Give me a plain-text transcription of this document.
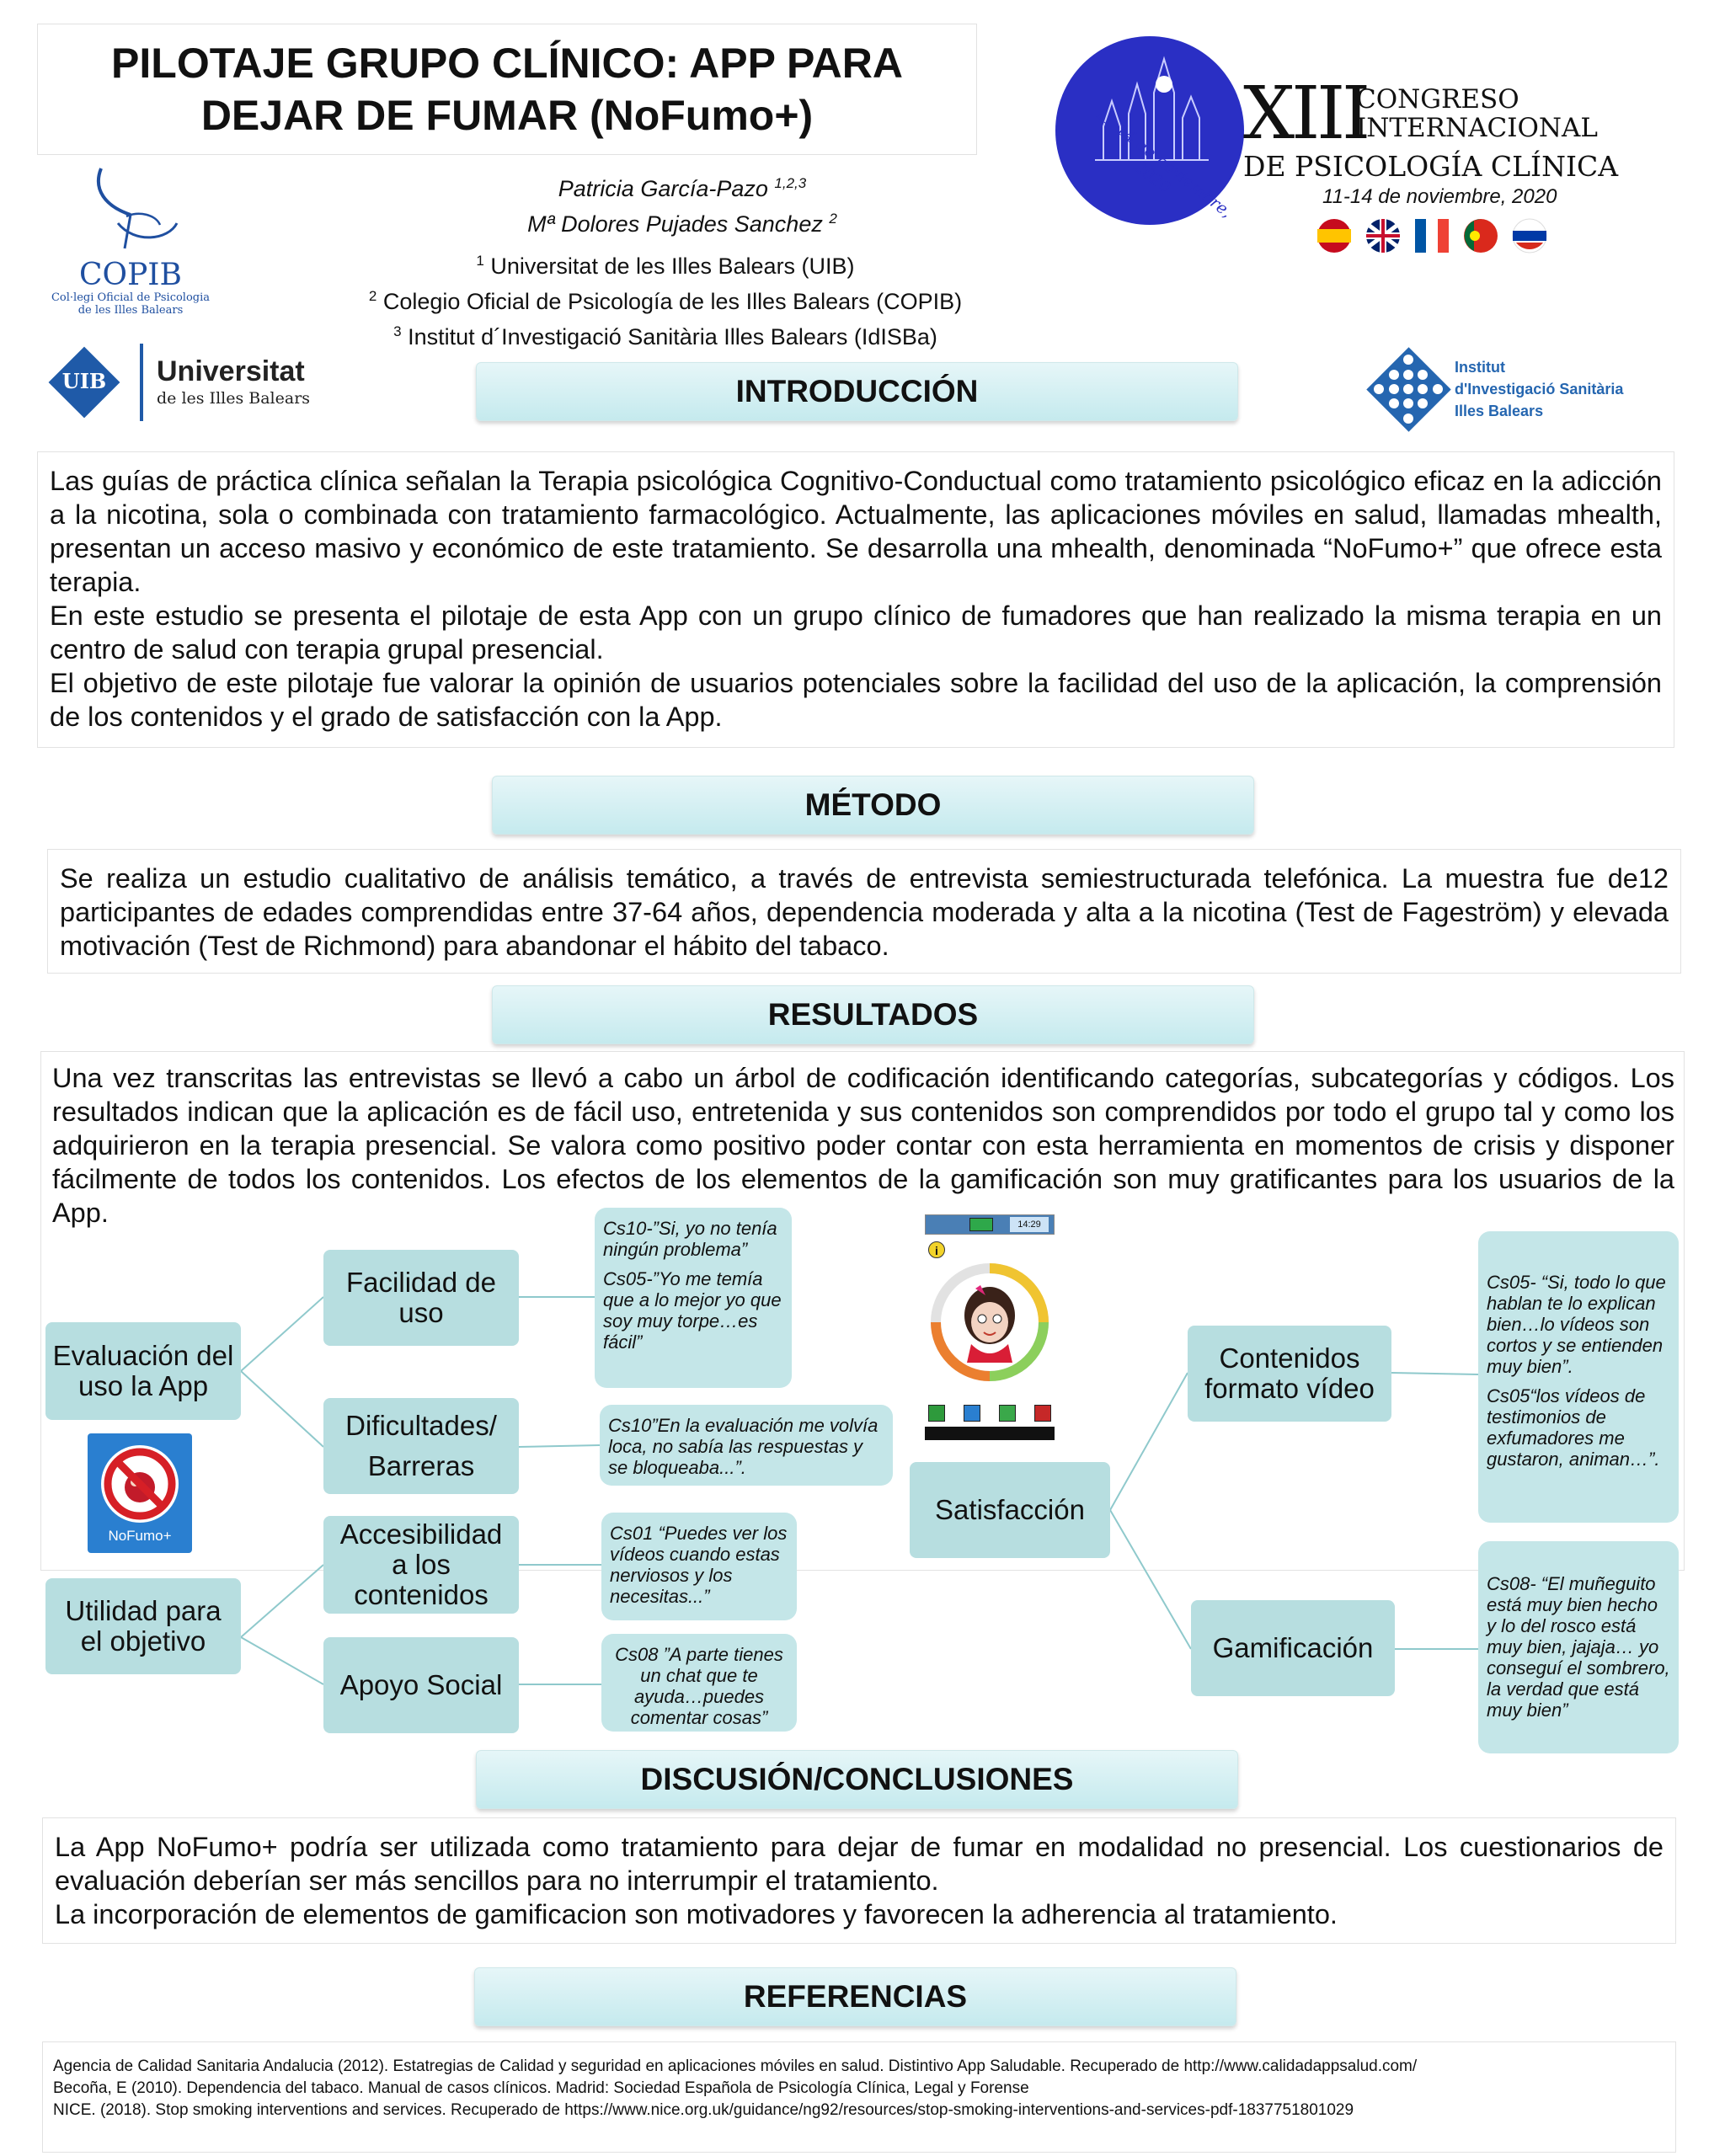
PILOTAJE GRUPO CLÍNICO: APP PARA DEJAR DE FUMAR (NoFumo+)
Patricia García-Pazo $^{1,2,3}$
Mª Dolores Pujades Sanchez $^2$
$^1$ Universitat de les Illes Balears (UIB)
$^2$ Colegio Oficial de Psicología de les Illes Balears (COPIB)
$^3$ Institut d´Investigació Sanitària Illes Balears (IdISBa)
COPIB
Col·legi Oficial de Psicologia
de les Illes Balears
UIB	Universitat
de les Illes Balears
11-14 de noviembre, 2020
XIII
CONGRESO
INTERNACIONAL
DE PSICOLOGÍA CLÍNICA
11-14 de noviembre, 2020
Institut
d'Investigació Sanitària
Illes Balears
INTRODUCCIÓN

Las guías de práctica clínica señalan la Terapia psicológica Cognitivo-Conductual como tratamiento psicológico eficaz en la adicción a la nicotina, sola o combinada con tratamiento farmacológico. Actualmente, las aplicaciones móviles en salud, llamadas mhealth, presentan un acceso masivo y económico de este tratamiento. Se desarrolla una mhealth, denominada “NoFumo+” que ofrece esta terapia.

En este estudio se presenta el pilotaje de esta App con un grupo clínico de fumadores que han realizado la misma terapia en un centro de salud con terapia grupal presencial.

El objetivo de este pilotaje fue valorar la opinión de usuarios potenciales sobre la facilidad del uso de la aplicación, la comprensión de los contenidos y el grado de satisfacción con la App.

MÉTODO

Se realiza un estudio cualitativo de análisis temático, a través de entrevista semiestructurada telefónica. La muestra fue de12 participantes de edades comprendidas entre 37-64 años, dependencia moderada y alta a la nicotina (Test de Fageström) y elevada motivación (Test de Richmond) para abandonar el hábito del tabaco.

RESULTADOS

Una vez transcritas las entrevistas se llevó a cabo un árbol de codificación identificando categorías, subcategorías y códigos. Los resultados indican que la aplicación es de fácil uso, entretenida y sus contenidos son comprendidos por todo el grupo tal y como los adquirieron en la terapia presencial. Se valora como positivo poder contar con esta herramienta en momentos de crisis y disponer fácilmente de todos los contenidos. Los efectos de los elementos de la gamificación son muy gratificantes para los usuarios de la App.

Evaluación del uso la App
Utilidad para el objetivo
Facilidad de uso
Dificultades/ Barreras
Accesibilidad a los contenidos
Apoyo Social
Satisfacción
Contenidos formato vídeo
Gamificación

Cs10-”Si, yo no tenía ningún problema”

Cs05-”Yo me temía que a lo mejor yo que soy muy torpe…es fácil”

Cs10”En la evaluación me volvía loca, no sabía las respuestas y se bloqueaba...”.
Cs01 “Puedes ver los vídeos cuando estas nerviosos y los necesitas...”
Cs08 ”A parte tienes un chat que te ayuda…puedes comentar cosas”

Cs05- “Si, todo lo que hablan te lo explican bien…lo vídeos son cortos y se entienden muy bien”.

Cs05“los vídeos de testimonios de exfumadores me gustaron, animan…”.

Cs08- “El muñeguito está muy bien hecho y lo del rosco está muy bien, jajaja… yo conseguí el sombrero, la verdad que está muy bien”
NoFumo+
14:29
i
DISCUSIÓN/CONCLUSIONES

La App NoFumo+ podría ser utilizada como tratamiento para dejar de fumar en modalidad no presencial. Los cuestionarios de evaluación deberían ser más sencillos para no interrumpir el tratamiento.

La incorporación de elementos de gamificacion son motivadores y favorecen la adherencia al tratamiento.

REFERENCIAS

Agencia de Calidad Sanitaria Andalucia (2012). Estatregias de Calidad y seguridad en aplicaciones móviles en salud. Distintivo App Saludable. Recuperado de http://www.calidadappsalud.com/

Becoña, E (2010). Dependencia del tabaco. Manual de casos clínicos. Madrid: Sociedad Española de Psicología Clínica, Legal y Forense

NICE. (2018). Stop smoking interventions and services. Recuperado de https://www.nice.org.uk/guidance/ng92/resources/stop-smoking-interventions-and-services-pdf-1837751801029
